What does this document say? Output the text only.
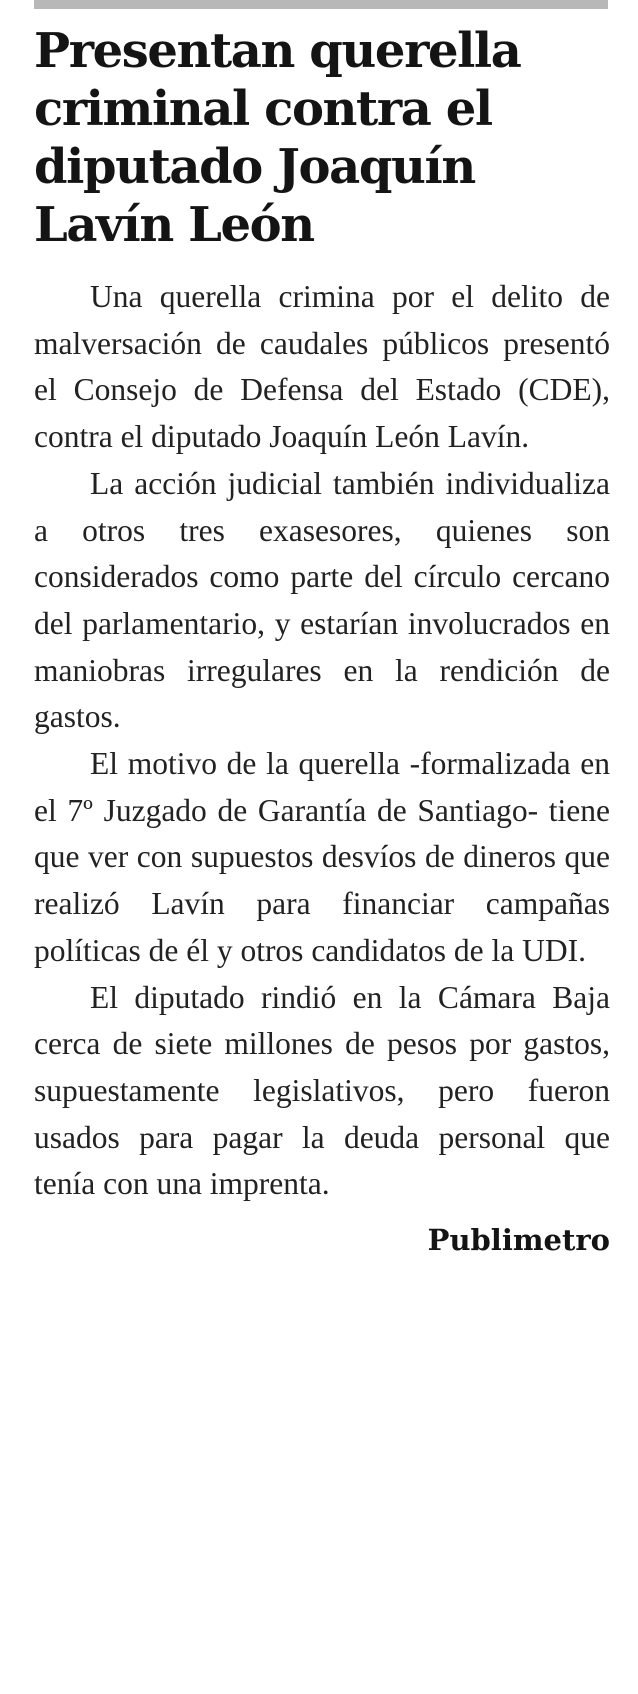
Presentan querella criminal contra el diputado Joaquín Lavín León

Una querella crimina por el delito de malversación de caudales públicos presentó el Consejo de Defensa del Estado (CDE), contra el diputado Joaquín León Lavín.

La acción judicial también individualiza a otros tres exasesores, quienes son considerados como parte del círculo cercano del parlamentario, y estarían involucrados en maniobras irregulares en la rendición de gastos.

El motivo de la querella -formalizada en el 7º Juzgado de Garantía de Santiago- tiene que ver con supuestos desvíos de dineros que realizó Lavín para financiar campañas políticas de él y otros candidatos de la UDI.

El diputado rindió en la Cámara Baja cerca de siete millones de pesos por gastos, supuestamente legislativos, pero fueron usados para pagar la deuda personal que tenía con una imprenta.

Publimetro
